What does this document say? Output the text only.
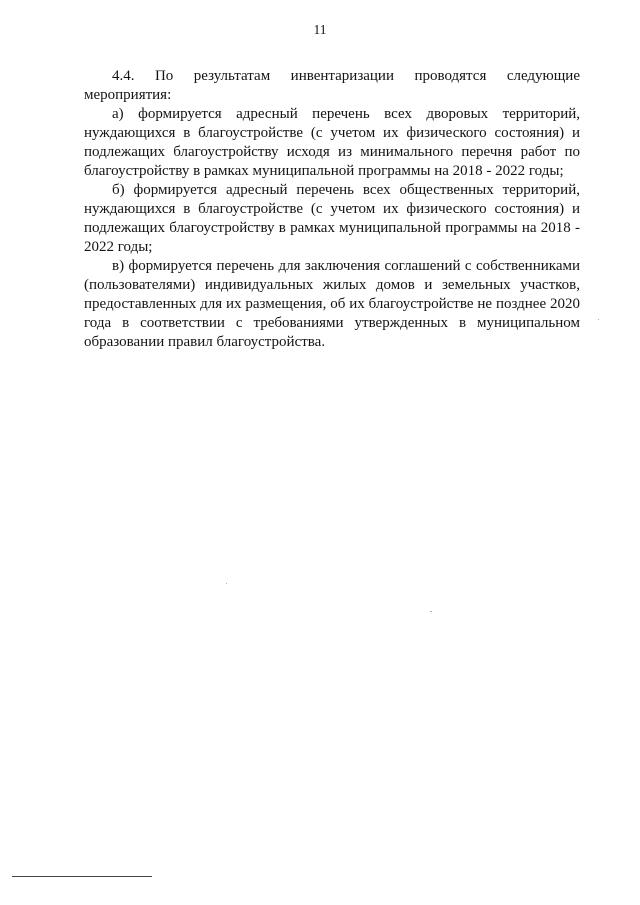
11

4.4. По результатам инвентаризации проводятся следующие мероприятия:

а) формируется адресный перечень всех дворовых территорий, нуждающихся в благоустройстве (с учетом их физического состояния) и подлежащих благоустройству исходя из минимального перечня работ по благоустройству в рамках муниципальной программы на 2018 - 2022 годы;

б) формируется адресный перечень всех общественных территорий, нуждающихся в благоустройстве (с учетом их физического состояния) и подлежащих благоустройству в рамках муниципальной программы на 2018 - 2022 годы;

в) формируется перечень для заключения соглашений с собственниками (пользователями) индивидуальных жилых домов и земельных участков, предоставленных для их размещения, об их благоустройстве не позднее 2020 года в соответствии с требованиями утвержденных в муниципальном образовании правил благоустройства.
